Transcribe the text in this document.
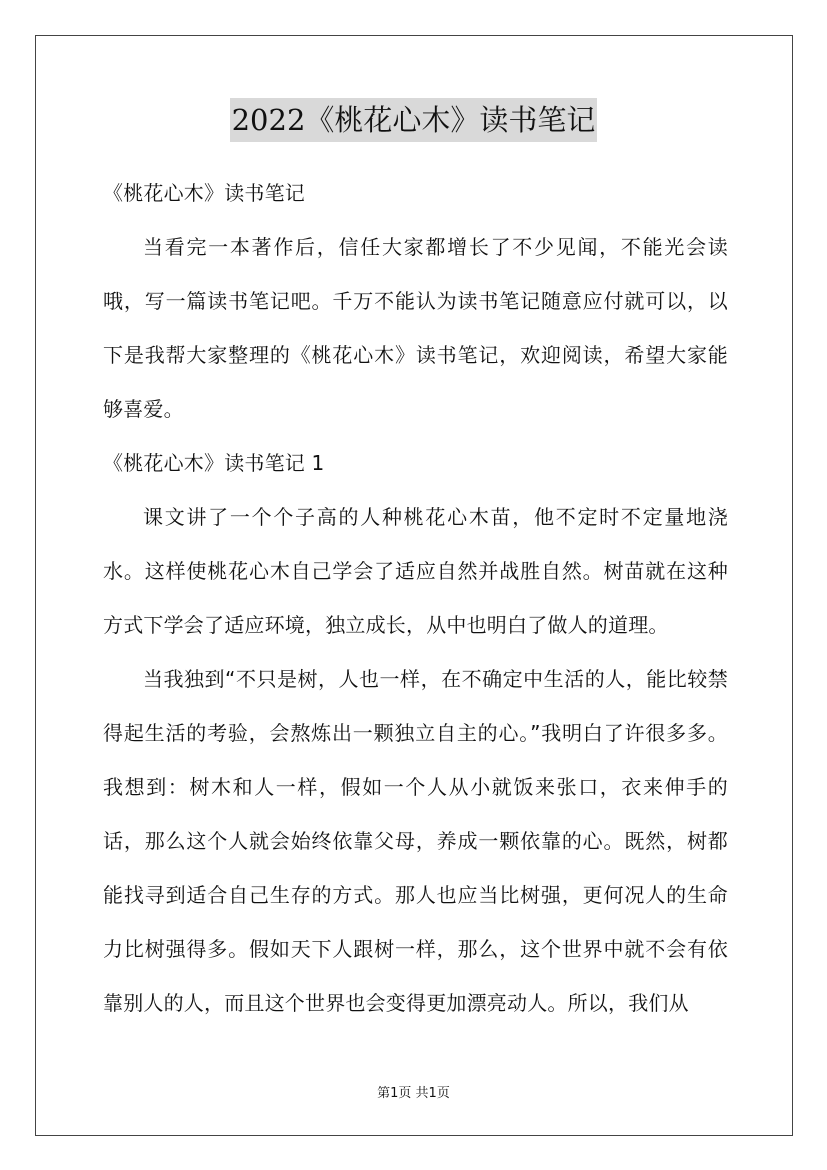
2022《桃花心木》读书笔记

《桃花心木》读书笔记

当看完一本著作后，信任大家都增长了不少见闻，不能光会读哦，写一篇读书笔记吧。千万不能认为读书笔记随意应付就可以，以下是我帮大家整理的《桃花心木》读书笔记，欢迎阅读，希望大家能够喜爱。

《桃花心木》读书笔记 1

课文讲了一个个子高的人种桃花心木苗，他不定时不定量地浇水。这样使桃花心木自己学会了适应自然并战胜自然。树苗就在这种方式下学会了适应环境，独立成长，从中也明白了做人的道理。

当我独到“不只是树，人也一样，在不确定中生活的人，能比较禁得起生活的考验，会熬炼出一颗独立自主的心。”我明白了许很多多。我想到：树木和人一样，假如一个人从小就饭来张口，衣来伸手的话，那么这个人就会始终依靠父母，养成一颗依靠的心。既然，树都能找寻到适合自己生存的方式。那人也应当比树强，更何况人的生命力比树强得多。假如天下人跟树一样，那么，这个世界中就不会有依靠别人的人，而且这个世界也会变得更加漂亮动人。所以，我们从

第1页 共1页
